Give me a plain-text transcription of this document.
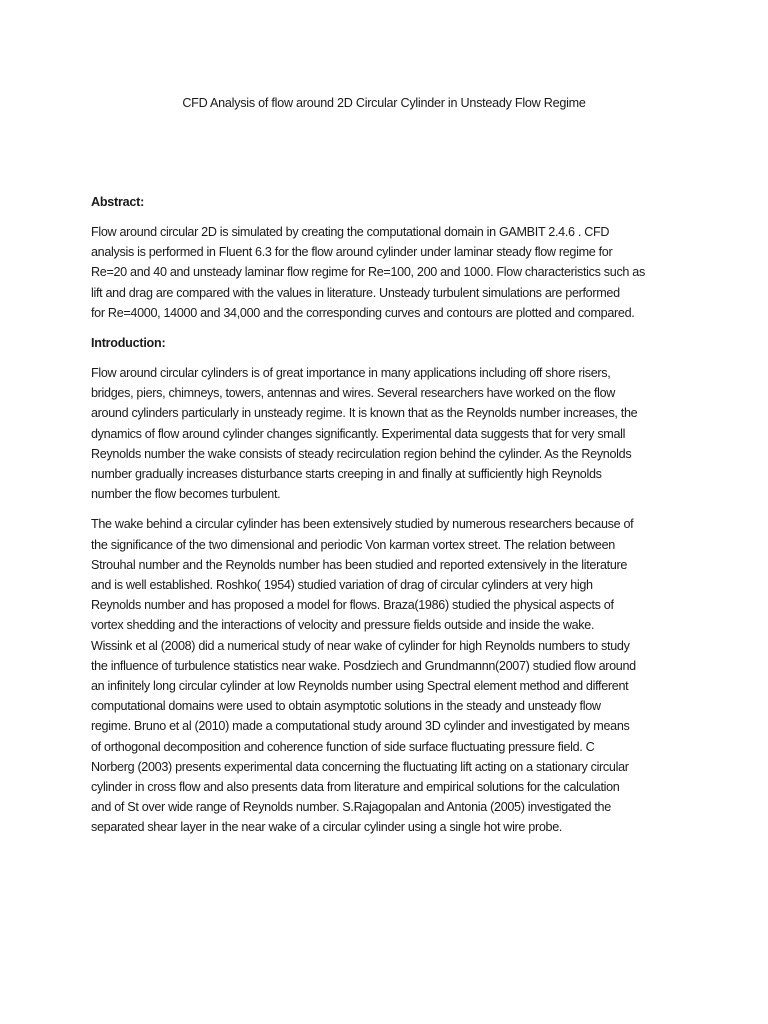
CFD Analysis of flow around 2D Circular Cylinder in Unsteady Flow Regime
Abstract:
Flow around circular 2D is simulated by creating the computational domain in GAMBIT 2.4.6 . CFD
analysis is performed in Fluent 6.3 for the flow around cylinder under laminar steady flow regime for
Re=20 and 40 and unsteady laminar flow regime for Re=100, 200 and 1000. Flow characteristics such as
lift and drag are compared with the values in literature. Unsteady turbulent simulations are performed
for Re=4000, 14000 and 34,000 and the corresponding curves and contours are plotted and compared.
Introduction:
Flow around circular cylinders is of great importance in many applications including off shore risers,
bridges, piers, chimneys, towers, antennas and wires. Several researchers have worked on the flow
around cylinders particularly in unsteady regime. It is known that as the Reynolds number increases, the
dynamics of flow around cylinder changes significantly. Experimental data suggests that for very small
Reynolds number the wake consists of steady recirculation region behind the cylinder. As the Reynolds
number gradually increases disturbance starts creeping in and finally at sufficiently high Reynolds
number the flow becomes turbulent.
The wake behind a circular cylinder has been extensively studied by numerous researchers because of
the significance of the two dimensional and periodic Von karman vortex street. The relation between
Strouhal number and the Reynolds number has been studied and reported extensively in the literature
and is well established. Roshko( 1954) studied variation of drag of circular cylinders at very high
Reynolds number and has proposed a model for flows. Braza(1986) studied the physical aspects of
vortex shedding and the interactions of velocity and pressure fields outside and inside the wake.
Wissink et al (2008) did a numerical study of near wake of cylinder for high Reynolds numbers to study
the influence of turbulence statistics near wake. Posdziech and Grundmannn(2007) studied flow around
an infinitely long circular cylinder at low Reynolds number using Spectral element method and different
computational domains were used to obtain asymptotic solutions in the steady and unsteady flow
regime. Bruno et al (2010) made a computational study around 3D cylinder and investigated by means
of orthogonal decomposition and coherence function of side surface fluctuating pressure field. C
Norberg (2003) presents experimental data concerning the fluctuating lift acting on a stationary circular
cylinder in cross flow and also presents data from literature and empirical solutions for the calculation
and of St over wide range of Reynolds number. S.Rajagopalan and Antonia (2005) investigated the
separated shear layer in the near wake of a circular cylinder using a single hot wire probe.
